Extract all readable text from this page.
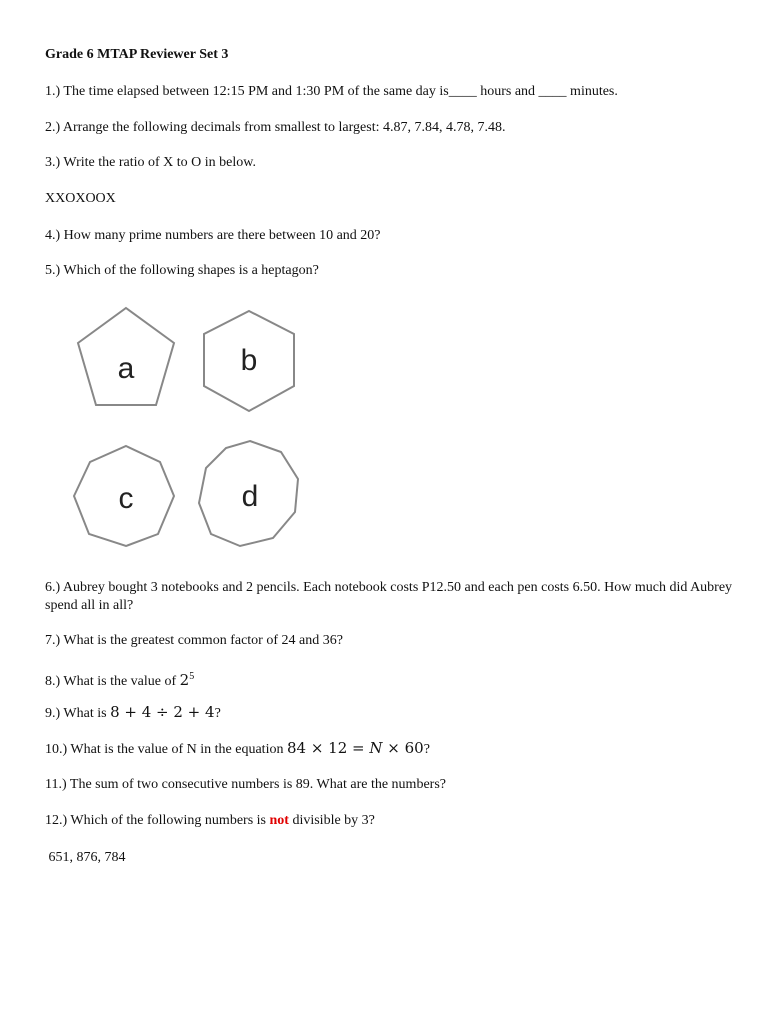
Grade 6 MTAP Reviewer Set 3
1.) The time elapsed between 12:15 PM and 1:30 PM of the same day is____ hours and ____ minutes.
2.) Arrange the following decimals from smallest to largest: 4.87, 7.84, 4.78, 7.48.
3.) Write the ratio of X to O in below.
XXOXOOX
4.) How many prime numbers are there between 10 and 20?
5.) Which of the following shapes is a heptagon?
a	b
c	d
6.) Aubrey bought 3 notebooks and 2 pencils. Each notebook costs P12.50 and each pen costs 6.50. How much did Aubrey spend all in all?
7.) What is the greatest common factor of 24 and 36?
8.) What is the value of $2^5$
9.) What is 8 + 4 ÷ 2 + 4?
10.) What is the value of N in the equation 84 × 12 = N × 60?
11.) The sum of two consecutive numbers is 89. What are the numbers?
12.) Which of the following numbers is not divisible by 3?
651, 876, 784
